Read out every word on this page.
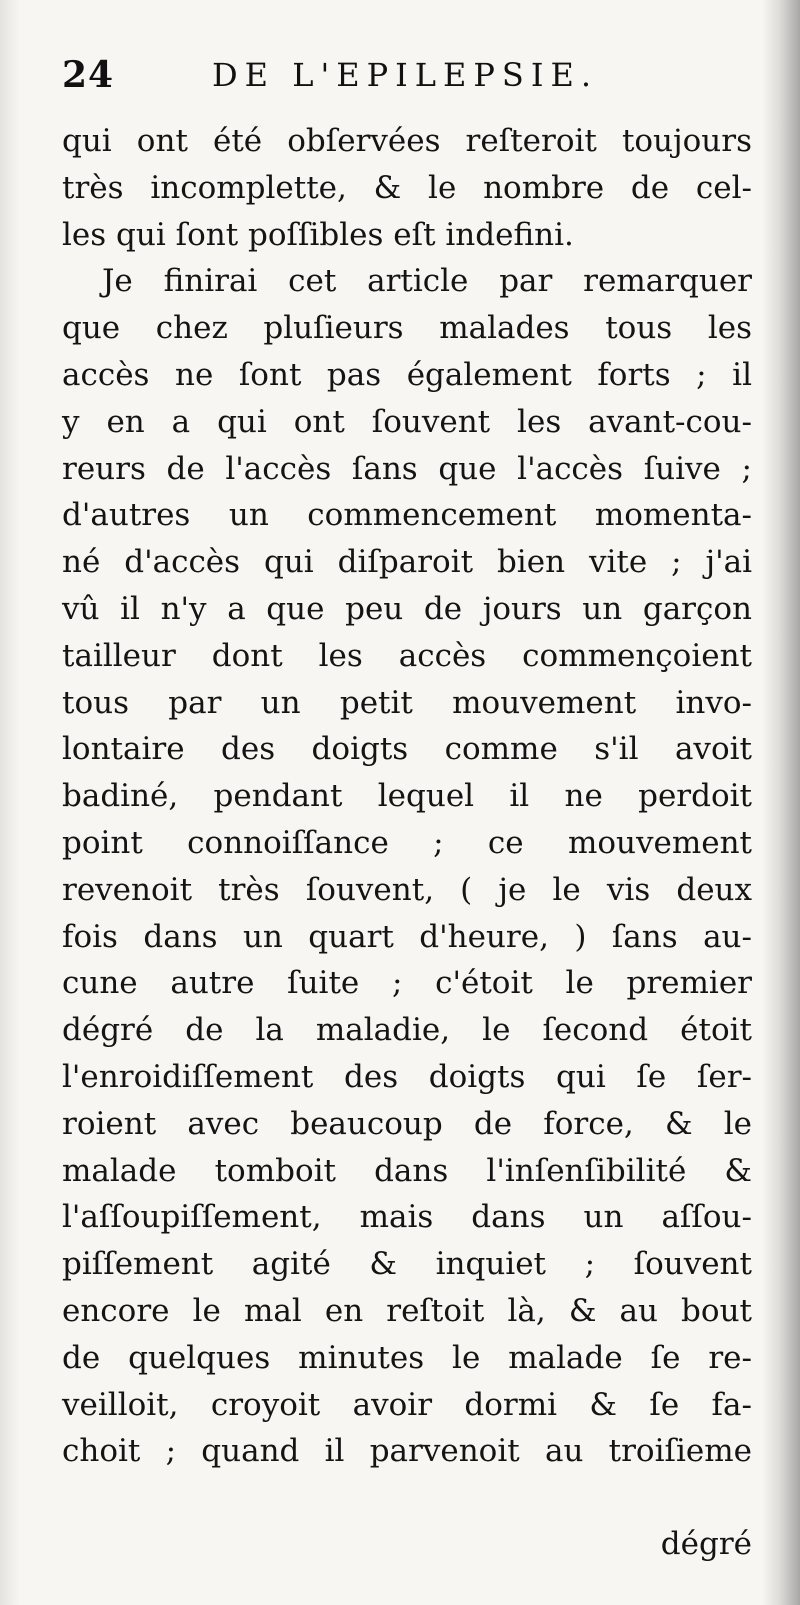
24	DE L'EPILEPSIE.
qui ont été obſervées reſteroit toujours
très incomplette, & le nombre de cel-
les qui ſont poſſibles eſt indefini.
Je finirai cet article par remarquer
que chez pluſieurs malades tous les
accès ne ſont pas également forts ; il
y en a qui ont ſouvent les avant-cou-
reurs de l'accès ſans que l'accès ſuive ;
d'autres un commencement momenta-
né d'accès qui diſparoit bien vite ; j'ai
vû il n'y a que peu de jours un garçon
tailleur dont les accès commençoient
tous par un petit mouvement invo-
lontaire des doigts comme s'il avoit
badiné, pendant lequel il ne perdoit
point connoiſſance ; ce mouvement
revenoit très ſouvent, ( je le vis deux
fois dans un quart d'heure, ) ſans au-
cune autre ſuite ; c'étoit le premier
dégré de la maladie, le ſecond étoit
l'enroidiſſement des doigts qui ſe ſer-
roient avec beaucoup de force, & le
malade tomboit dans l'inſenſibilité &
l'aſſoupiſſement, mais dans un aſſou-
piſſement agité & inquiet ; ſouvent
encore le mal en reſtoit là, & au bout
de quelques minutes le malade ſe re-
veilloit, croyoit avoir dormi & ſe fa-
choit ; quand il parvenoit au troiſieme
dégré
